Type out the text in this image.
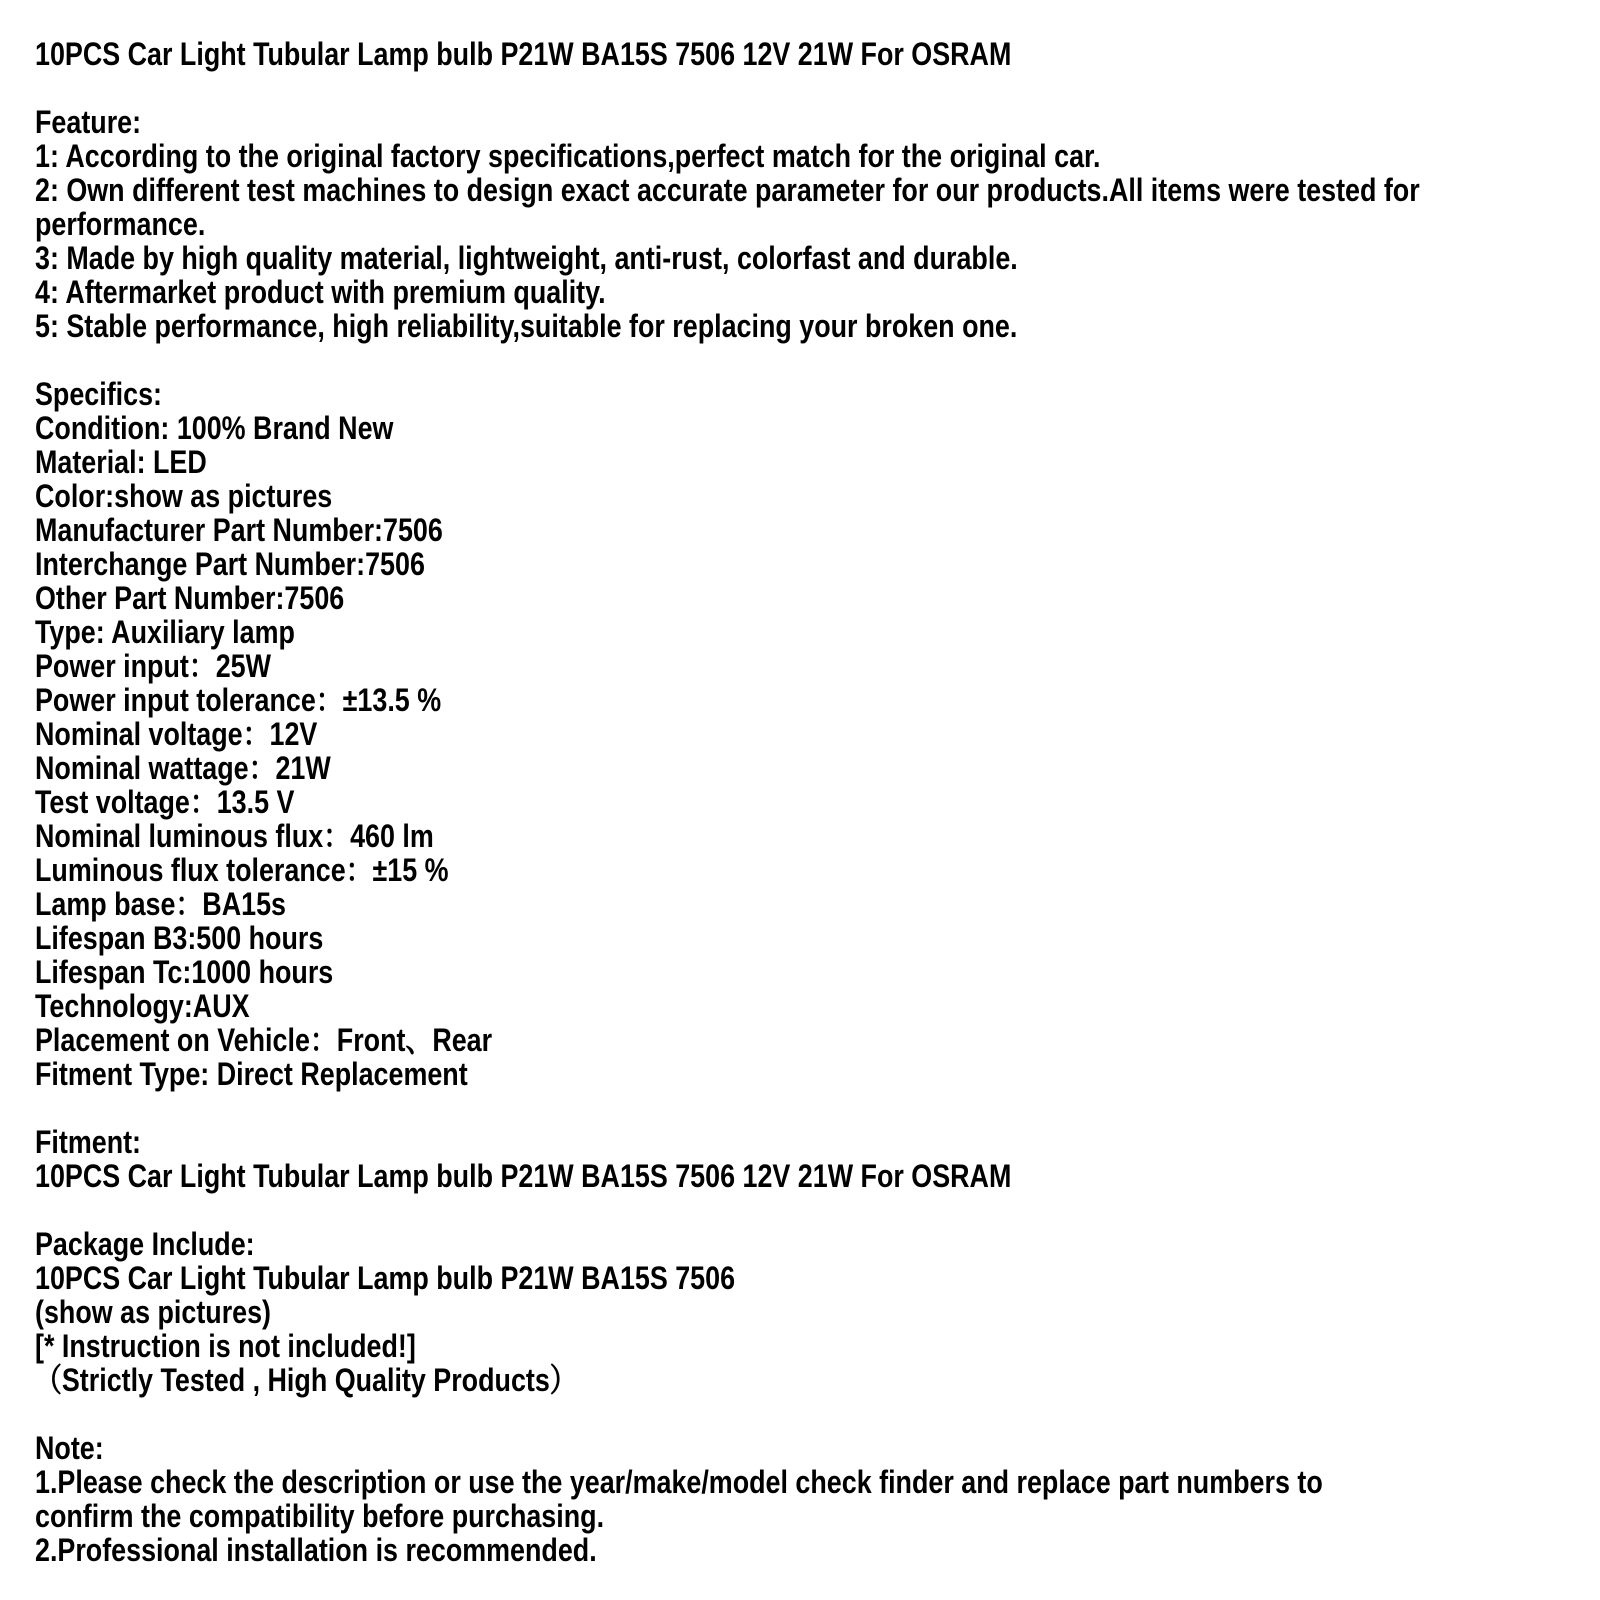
10PCS Car Light Tubular Lamp bulb P21W BA15S 7506 12V 21W For OSRAM
Feature:
1: According to the original factory specifications,perfect match for the original car.
2: Own different test machines to design exact accurate parameter for our products.All items were tested for
performance.
3: Made by high quality material, lightweight, anti-rust, colorfast and durable.
4: Aftermarket product with premium quality.
5: Stable performance, high reliability,suitable for replacing your broken one.
Specifics:
Condition: 100% Brand New
Material: LED
Color:show as pictures
Manufacturer Part Number:7506
Interchange Part Number:7506
Other Part Number:7506
Type: Auxiliary lamp
Power input：25W
Power input tolerance：±13.5 %
Nominal voltage：12V
Nominal wattage：21W
Test voltage：13.5 V
Nominal luminous flux：460 lm
Luminous flux tolerance：±15 %
Lamp base：BA15s
Lifespan B3:500 hours
Lifespan Tc:1000 hours
Technology:AUX
Placement on Vehicle：Front、Rear
Fitment Type: Direct Replacement
Fitment:
10PCS Car Light Tubular Lamp bulb P21W BA15S 7506 12V 21W For OSRAM
Package Include:
10PCS Car Light Tubular Lamp bulb P21W BA15S 7506
(show as pictures)
[* Instruction is not included!]
（Strictly Tested , High Quality Products）
Note:
1.Please check the description or use the year/make/model check finder and replace part numbers to
confirm the compatibility before purchasing.
2.Professional installation is recommended.
